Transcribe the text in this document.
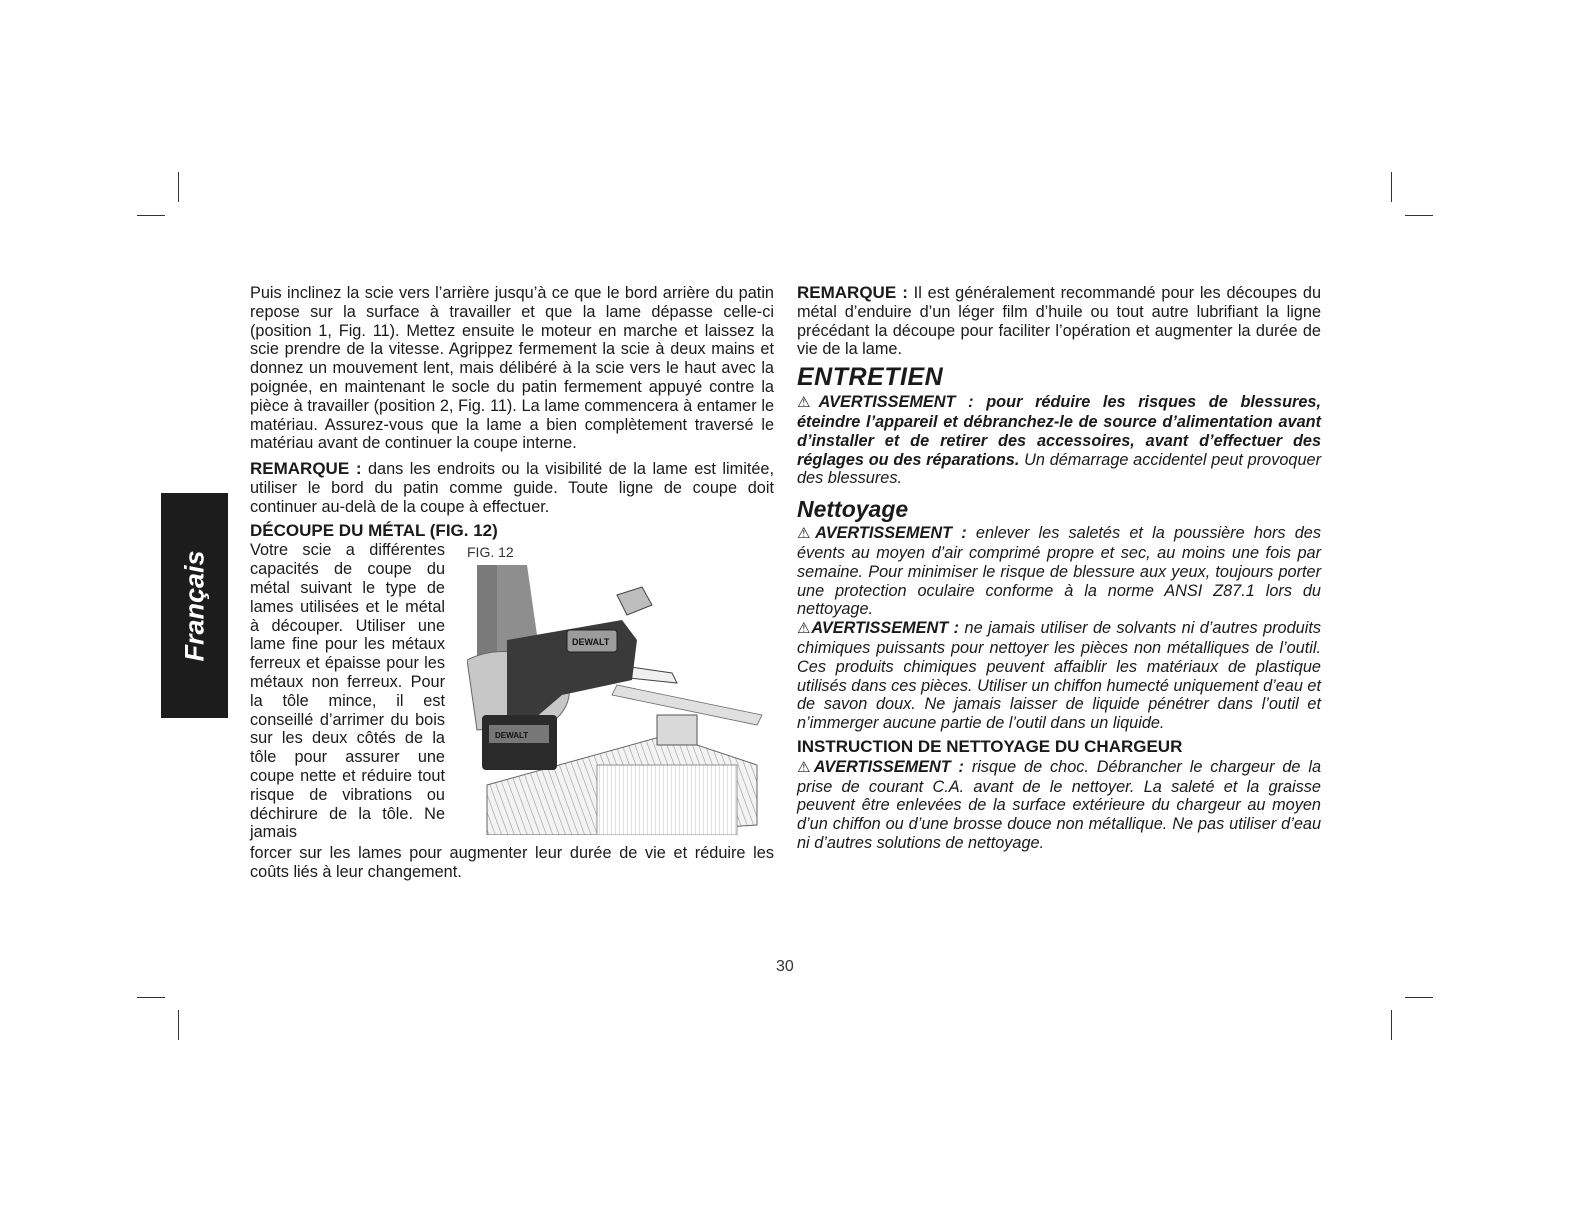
Français

Puis inclinez la scie vers l’arrière jusqu’à ce que le bord arrière du patin repose sur la surface à travailler et que la lame dépasse celle-ci (position 1, Fig. 11). Mettez ensuite le moteur en marche et laissez la scie prendre de la vitesse. Agrippez fermement la scie à deux mains et donnez un mouvement lent, mais délibéré à la scie vers le haut avec la poignée, en maintenant le socle du patin fermement appuyé contre la pièce à travailler (position 2, Fig. 11). La lame commencera à entamer le matériau. Assurez-vous que la lame a bien complètement traversé le matériau avant de continuer la coupe interne.

REMARQUE : dans les endroits ou la visibilité de la lame est limitée, utiliser le bord du patin comme guide. Toute ligne de coupe doit continuer au-delà de la coupe à effectuer.

DÉCOUPE DU MÉTAL (FIG. 12)

Votre scie a différentes capacités de coupe du métal suivant le type de lames utilisées et le métal à découper. Utiliser une lame fine pour les métaux ferreux et épaisse pour les métaux non ferreux. Pour la tôle mince, il est conseillé d’arrimer du bois sur les deux côtés de la tôle pour assurer une coupe nette et réduire tout risque de vibrations ou déchirure de la tôle. Ne jamais

FIG. 12
DEWALT
DEWALT

forcer sur les lames pour augmenter leur durée de vie et réduire les coûts liés à leur changement.

REMARQUE : Il est généralement recommandé pour les découpes du métal d’enduire d’un léger film d’huile ou tout autre lubrifiant la ligne précédant la découpe pour faciliter l’opération et augmenter la durée de vie de la lame.

ENTRETIEN

⚠AVERTISSEMENT : pour réduire les risques de blessures, éteindre l’appareil et débranchez-le de source d’alimentation avant d’installer et de retirer des accessoires, avant d’effectuer des réglages ou des réparations. Un démarrage accidentel peut provoquer des blessures.

Nettoyage

⚠AVERTISSEMENT : enlever les saletés et la poussière hors des évents au moyen d’air comprimé propre et sec, au moins une fois par semaine. Pour minimiser le risque de blessure aux yeux, toujours porter une protection oculaire conforme à la norme ANSI Z87.1 lors du nettoyage.

⚠AVERTISSEMENT : ne jamais utiliser de solvants ni d’autres produits chimiques puissants pour nettoyer les pièces non métalliques de l’outil. Ces produits chimiques peuvent affaiblir les matériaux de plastique utilisés dans ces pièces. Utiliser un chiffon humecté uniquement d’eau et de savon doux. Ne jamais laisser de liquide pénétrer dans l’outil et n’immerger aucune partie de l’outil dans un liquide.

INSTRUCTION DE NETTOYAGE DU CHARGEUR

⚠AVERTISSEMENT : risque de choc. Débrancher le chargeur de la prise de courant C.A. avant de le nettoyer. La saleté et la graisse peuvent être enlevées de la surface extérieure du chargeur au moyen d’un chiffon ou d’une brosse douce non métallique. Ne pas utiliser d’eau ni d’autres solutions de nettoyage.

30
